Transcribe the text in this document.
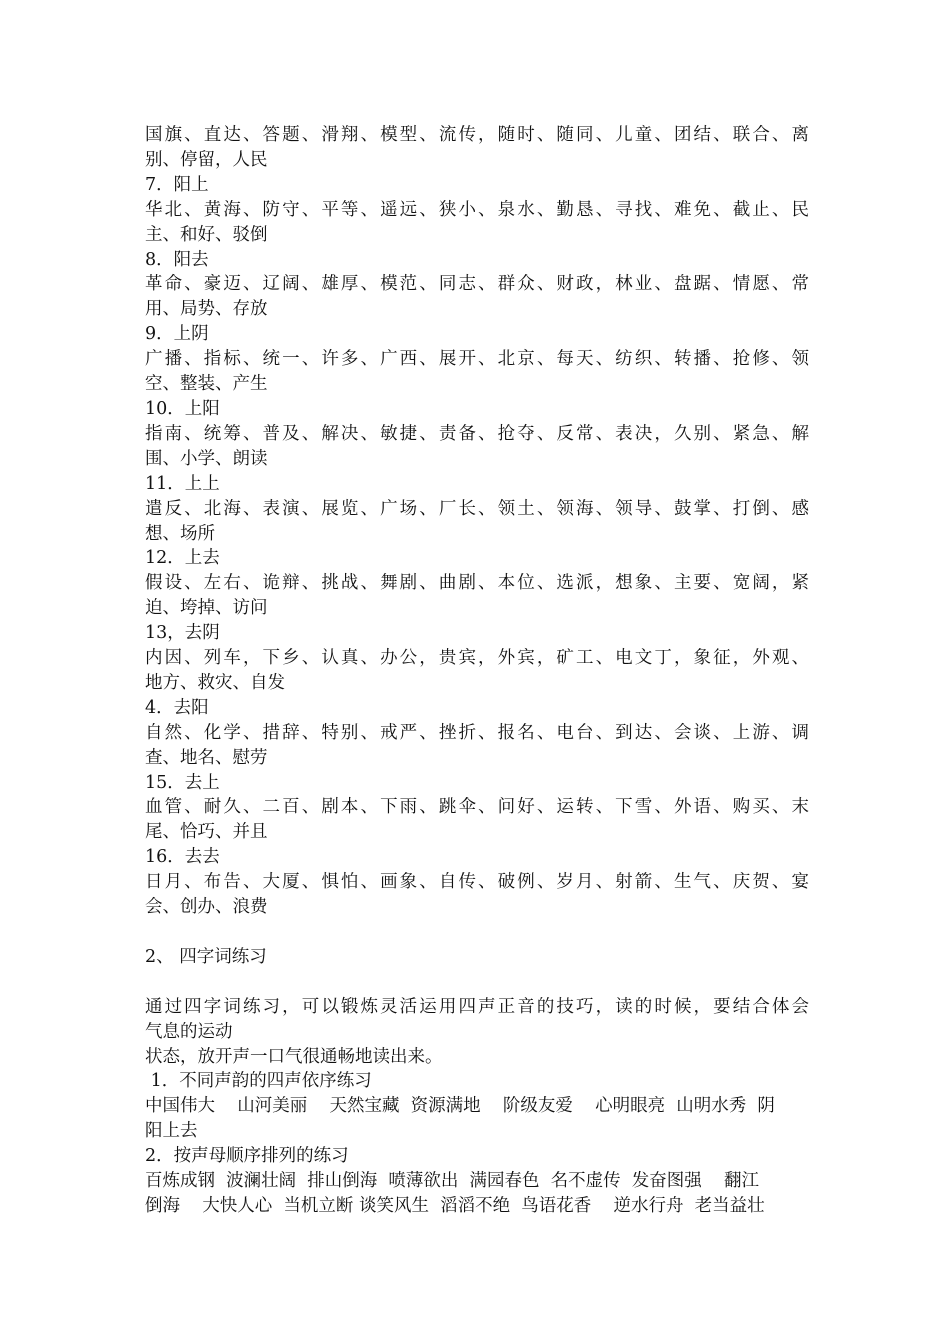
国旗、直达、答题、滑翔、模型、流传，随时、随同、儿童、团结、联合、离
别、停留，人民
7．阳上
华北、黄海、防守、平等、遥远、狭小、泉水、勤恳、寻找、难免、截止、民
主、和好、驳倒
8．阳去
革命、豪迈、辽阔、雄厚、模范、同志、群众、财政，林业、盘踞、情愿、常
用、局势、存放
9．上阴
广播、指标、统一、许多、广西、展开、北京、每天、纺织、转播、抢修、领
空、整装、产生
10．上阳
指南、统筹、普及、解决、敏捷、责备、抢夺、反常、表决，久别、紧急、解
围、小学、朗读
11．上上
遣反、北海、表演、展览、广场、厂长、领土、领海、领导、鼓掌、打倒、感
想、场所
12．上去
假设、左右、诡辩、挑战、舞剧、曲剧、本位、选派，想象、主要、宽阔，紧
迫、垮掉、访问
13，去阴
内因、列车，下乡、认真、办公，贵宾，外宾，矿工、电文丁，象征，外观、
地方、救灾、自发
4．去阳
自然、化学、措辞、特别、戒严、挫折、报名、电台、到达、会谈、上游、调
查、地名、慰劳
15．去上
血管、耐久、二百、剧本、下雨、跳伞、问好、运转、下雪、外语、购买、末
尾、恰巧、并且
16．去去
日月、布告、大厦、惧怕、画象、自传、破例、岁月、射箭、生气、庆贺、宴
会、创办、浪费
2、 四字词练习
通过四字词练习，可以锻炼灵活运用四声正音的技巧，读的时候，要结合体会
气息的运动
状态，放开声一口气很通畅地读出来。
1．不同声韵的四声依序练习
中国伟大    山河美丽    天然宝藏  资源满地    阶级友爱    心明眼亮  山明水秀  阴
阳上去
2．按声母顺序排列的练习
百炼成钢  波澜壮阔  排山倒海  喷薄欲出  满园春色  名不虚传  发奋图强    翻江
倒海    大快人心  当机立断 谈笑风生  滔滔不绝  鸟语花香    逆水行舟  老当益壮
